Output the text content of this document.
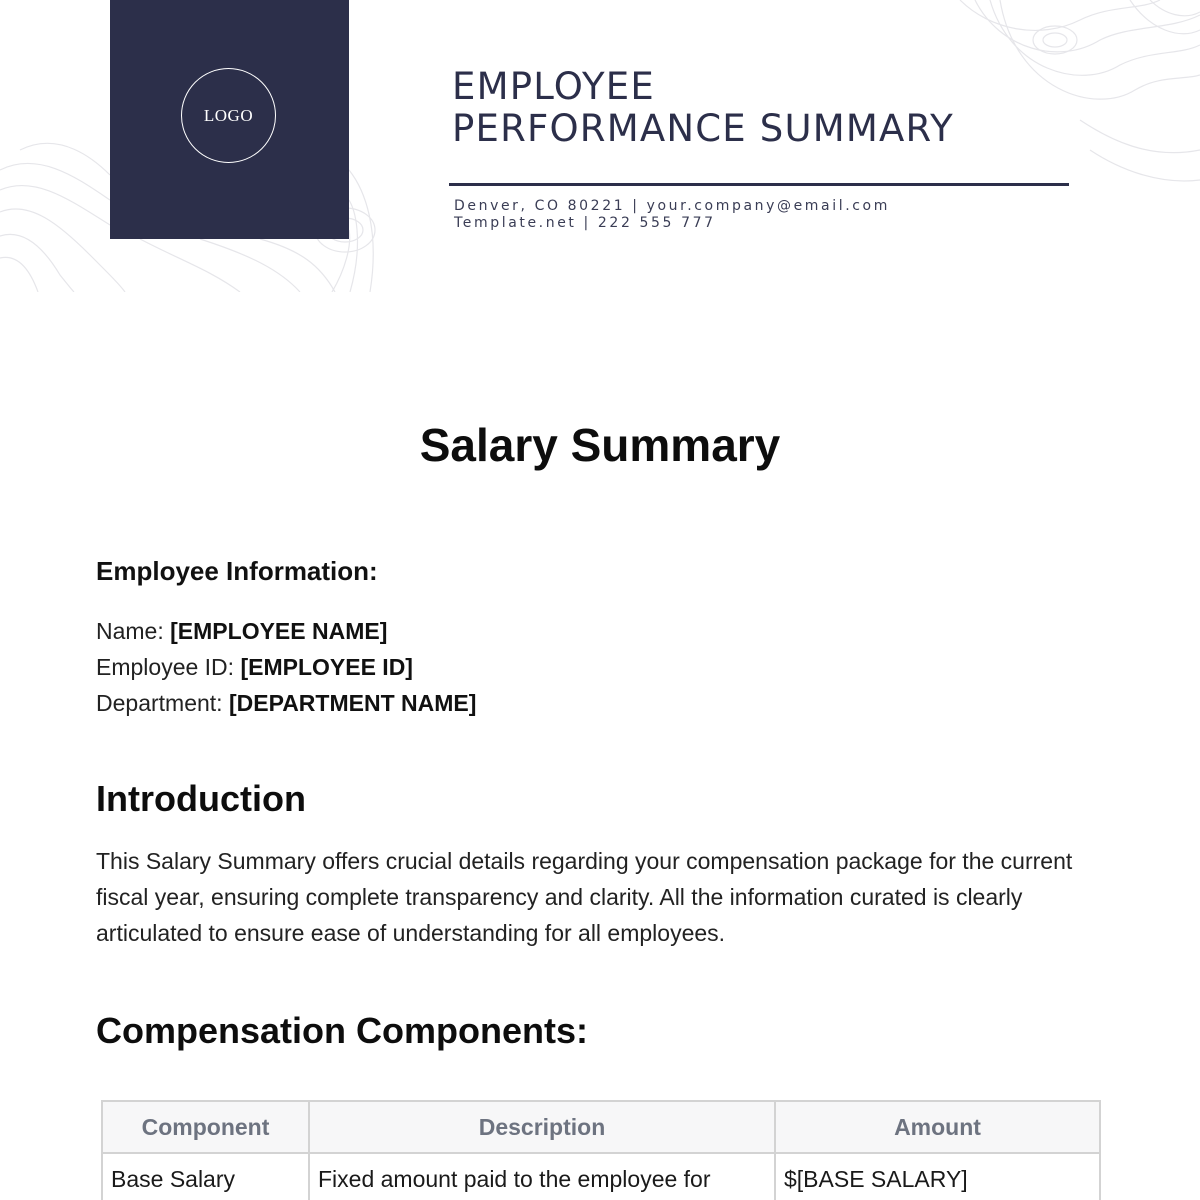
LOGO
EMPLOYEE
PERFORMANCE SUMMARY
Denver, CO 80221 | your.company@email.com
Template.net | 222 555 777
Salary Summary
Employee Information:
Name: [EMPLOYEE NAME]
Employee ID: [EMPLOYEE ID]
Department: [DEPARTMENT NAME]
Introduction

This Salary Summary offers crucial details regarding your compensation package for the current fiscal year, ensuring complete transparency and clarity. All the information curated is clearly articulated to ensure ease of understanding for all employees.

Compensation Components:
Component	Description	Amount
Base Salary	Fixed amount paid to the employee for	$[BASE SALARY]
